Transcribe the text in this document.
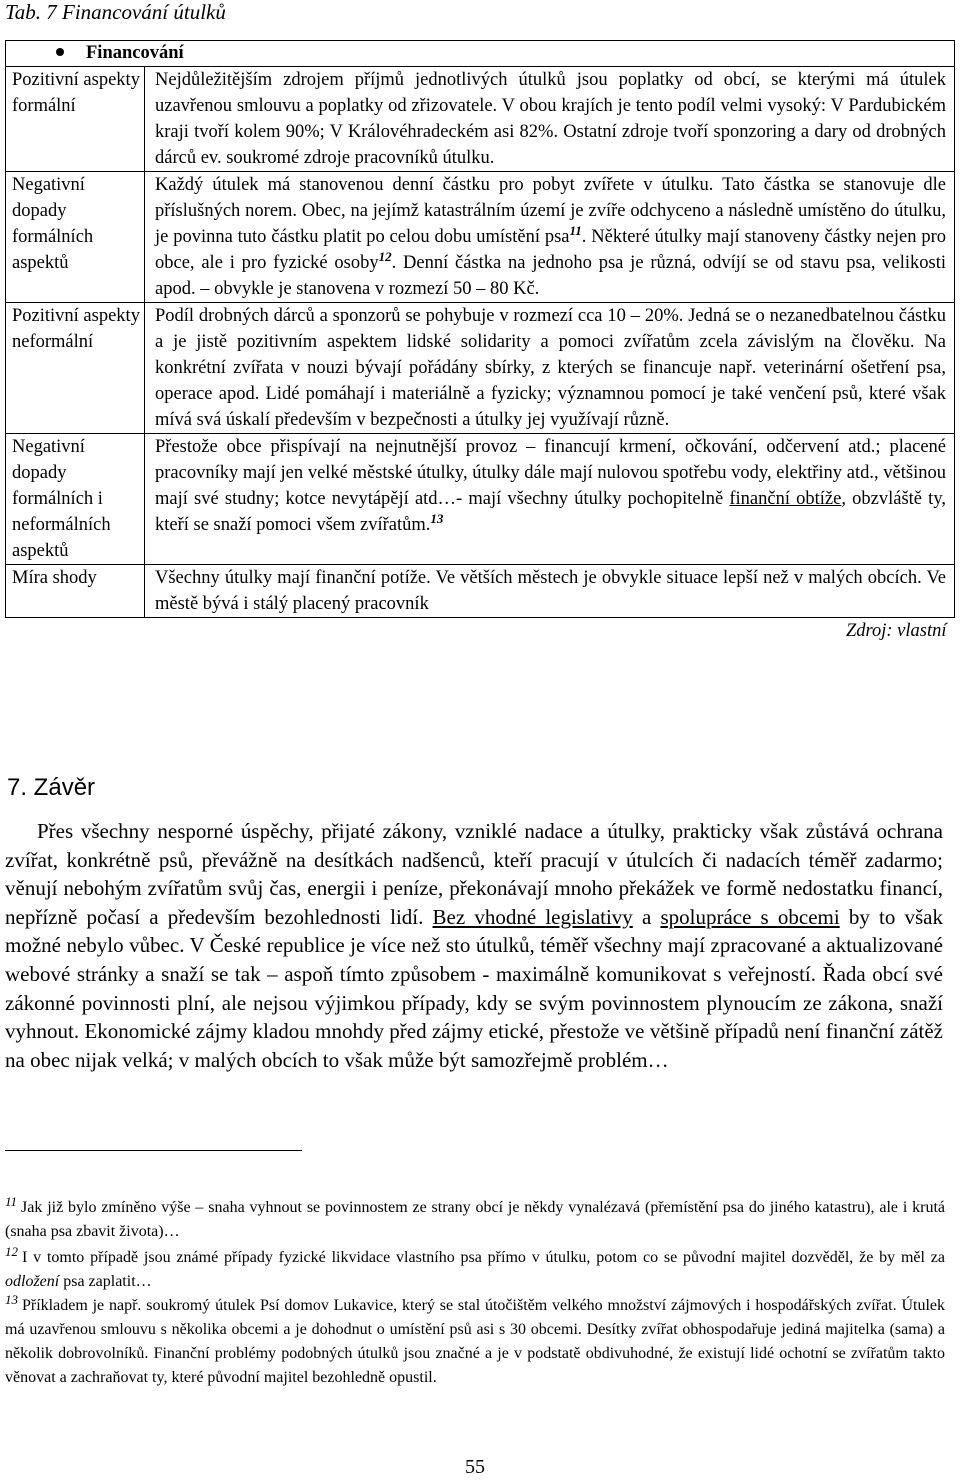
Tab. 7 Financování útulků
Financování	
Pozitivní aspekty formální	Nejdůležitějším zdrojem příjmů jednotlivých útulků jsou poplatky od obcí, se kterými má útulek uzavřenou smlouvu a poplatky od zřizovatele. V obou krajích je tento podíl velmi vysoký: V Pardubickém kraji tvoří kolem 90%; V Královéhradeckém asi 82%. Ostatní zdroje tvoří sponzoring a dary od drobných dárců ev. soukromé zdroje pracovníků útulku.
Negativní dopady formálních aspektů	Každý útulek má stanovenou denní částku pro pobyt zvířete v útulku. Tato částka se stanovuje dle příslušných norem. Obec, na jejímž katastrálním území je zvíře odchyceno a následně umístěno do útulku, je povinna tuto částku platit po celou dobu umístění psa$^{11}$. Některé útulky mají stanoveny částky nejen pro obce, ale i pro fyzické osoby$^{12}$. Denní částka na jednoho psa je různá, odvíjí se od stavu psa, velikosti apod. – obvykle je stanovena v rozmezí 50 – 80 Kč.
Pozitivní aspekty neformální	Podíl drobných dárců a sponzorů se pohybuje v rozmezí cca 10 – 20%. Jedná se o nezanedbatelnou částku a je jistě pozitivním aspektem lidské solidarity a pomoci zvířatům zcela závislým na člověku. Na konkrétní zvířata v nouzi bývají pořádány sbírky, z kterých se financuje např. veterinární ošetření psa, operace apod. Lidé pomáhají i materiálně a fyzicky; významnou pomocí je také venčení psů, které však mívá svá úskalí především v bezpečnosti a útulky jej využívají různě.
Negativní dopady formálních i neformálních aspektů	Přestože obce přispívají na nejnutnější provoz – financují krmení, očkování, odčervení atd.; placené pracovníky mají jen velké městské útulky, útulky dále mají nulovou spotřebu vody, elektřiny atd., většinou mají své studny; kotce nevytápějí atd…- mají všechny útulky pochopitelně finanční obtíže, obzvláště ty, kteří se snaží pomoci všem zvířatům.$^{13}$
Míra shody	Všechny útulky mají finanční potíže. Ve větších městech je obvykle situace lepší než v malých obcích. Ve městě bývá i stálý placený pracovník
Zdroj: vlastní	
7. Závěr
Přes všechny nesporné úspěchy, přijaté zákony, vzniklé nadace a útulky, prakticky však zůstává ochrana zvířat, konkrétně psů, převážně na desítkách nadšenců, kteří pracují v útulcích či nadacích téměř zadarmo; věnují nebohým zvířatům svůj čas, energii i peníze, překonávají mnoho překážek ve formě nedostatku financí, nepřízně počasí a především bezohlednosti lidí. Bez vhodné legislativy a spolupráce s obcemi by to však možné nebylo vůbec. V České republice je více než sto útulků, téměř všechny mají zpracované a aktualizované webové stránky a snaží se tak – aspoň tímto způsobem - maximálně komunikovat s veřejností. Řada obcí své zákonné povinnosti plní, ale nejsou výjimkou případy, kdy se svým povinnostem plynoucím ze zákona, snaží vyhnout. Ekonomické zájmy kladou mnohdy před zájmy etické, přestože ve většině případů není finanční zátěž na obec nijak velká; v malých obcích to však může být samozřejmě problém…
$^{11}$ Jak již bylo zmíněno výše – snaha vyhnout se povinnostem ze strany obcí je někdy vynalézavá (přemístění psa do jiného katastru), ale i krutá (snaha psa zbavit života)…
$^{12}$ I v tomto případě jsou známé případy fyzické likvidace vlastního psa přímo v útulku, potom co se původní majitel dozvěděl, že by měl za odložení psa zaplatit…
$^{13}$ Příkladem je např. soukromý útulek Psí domov Lukavice, který se stal útočištěm velkého množství zájmových i hospodářských zvířat. Útulek má uzavřenou smlouvu s několika obcemi a je dohodnut o umístění psů asi s 30 obcemi. Desítky zvířat obhospodařuje jediná majitelka (sama) a několik dobrovolníků. Finanční problémy podobných útulků jsou značné a je v podstatě obdivuhodné, že existují lidé ochotní se zvířatům takto věnovat a zachraňovat ty, které původní majitel bezohledně opustil.
55
